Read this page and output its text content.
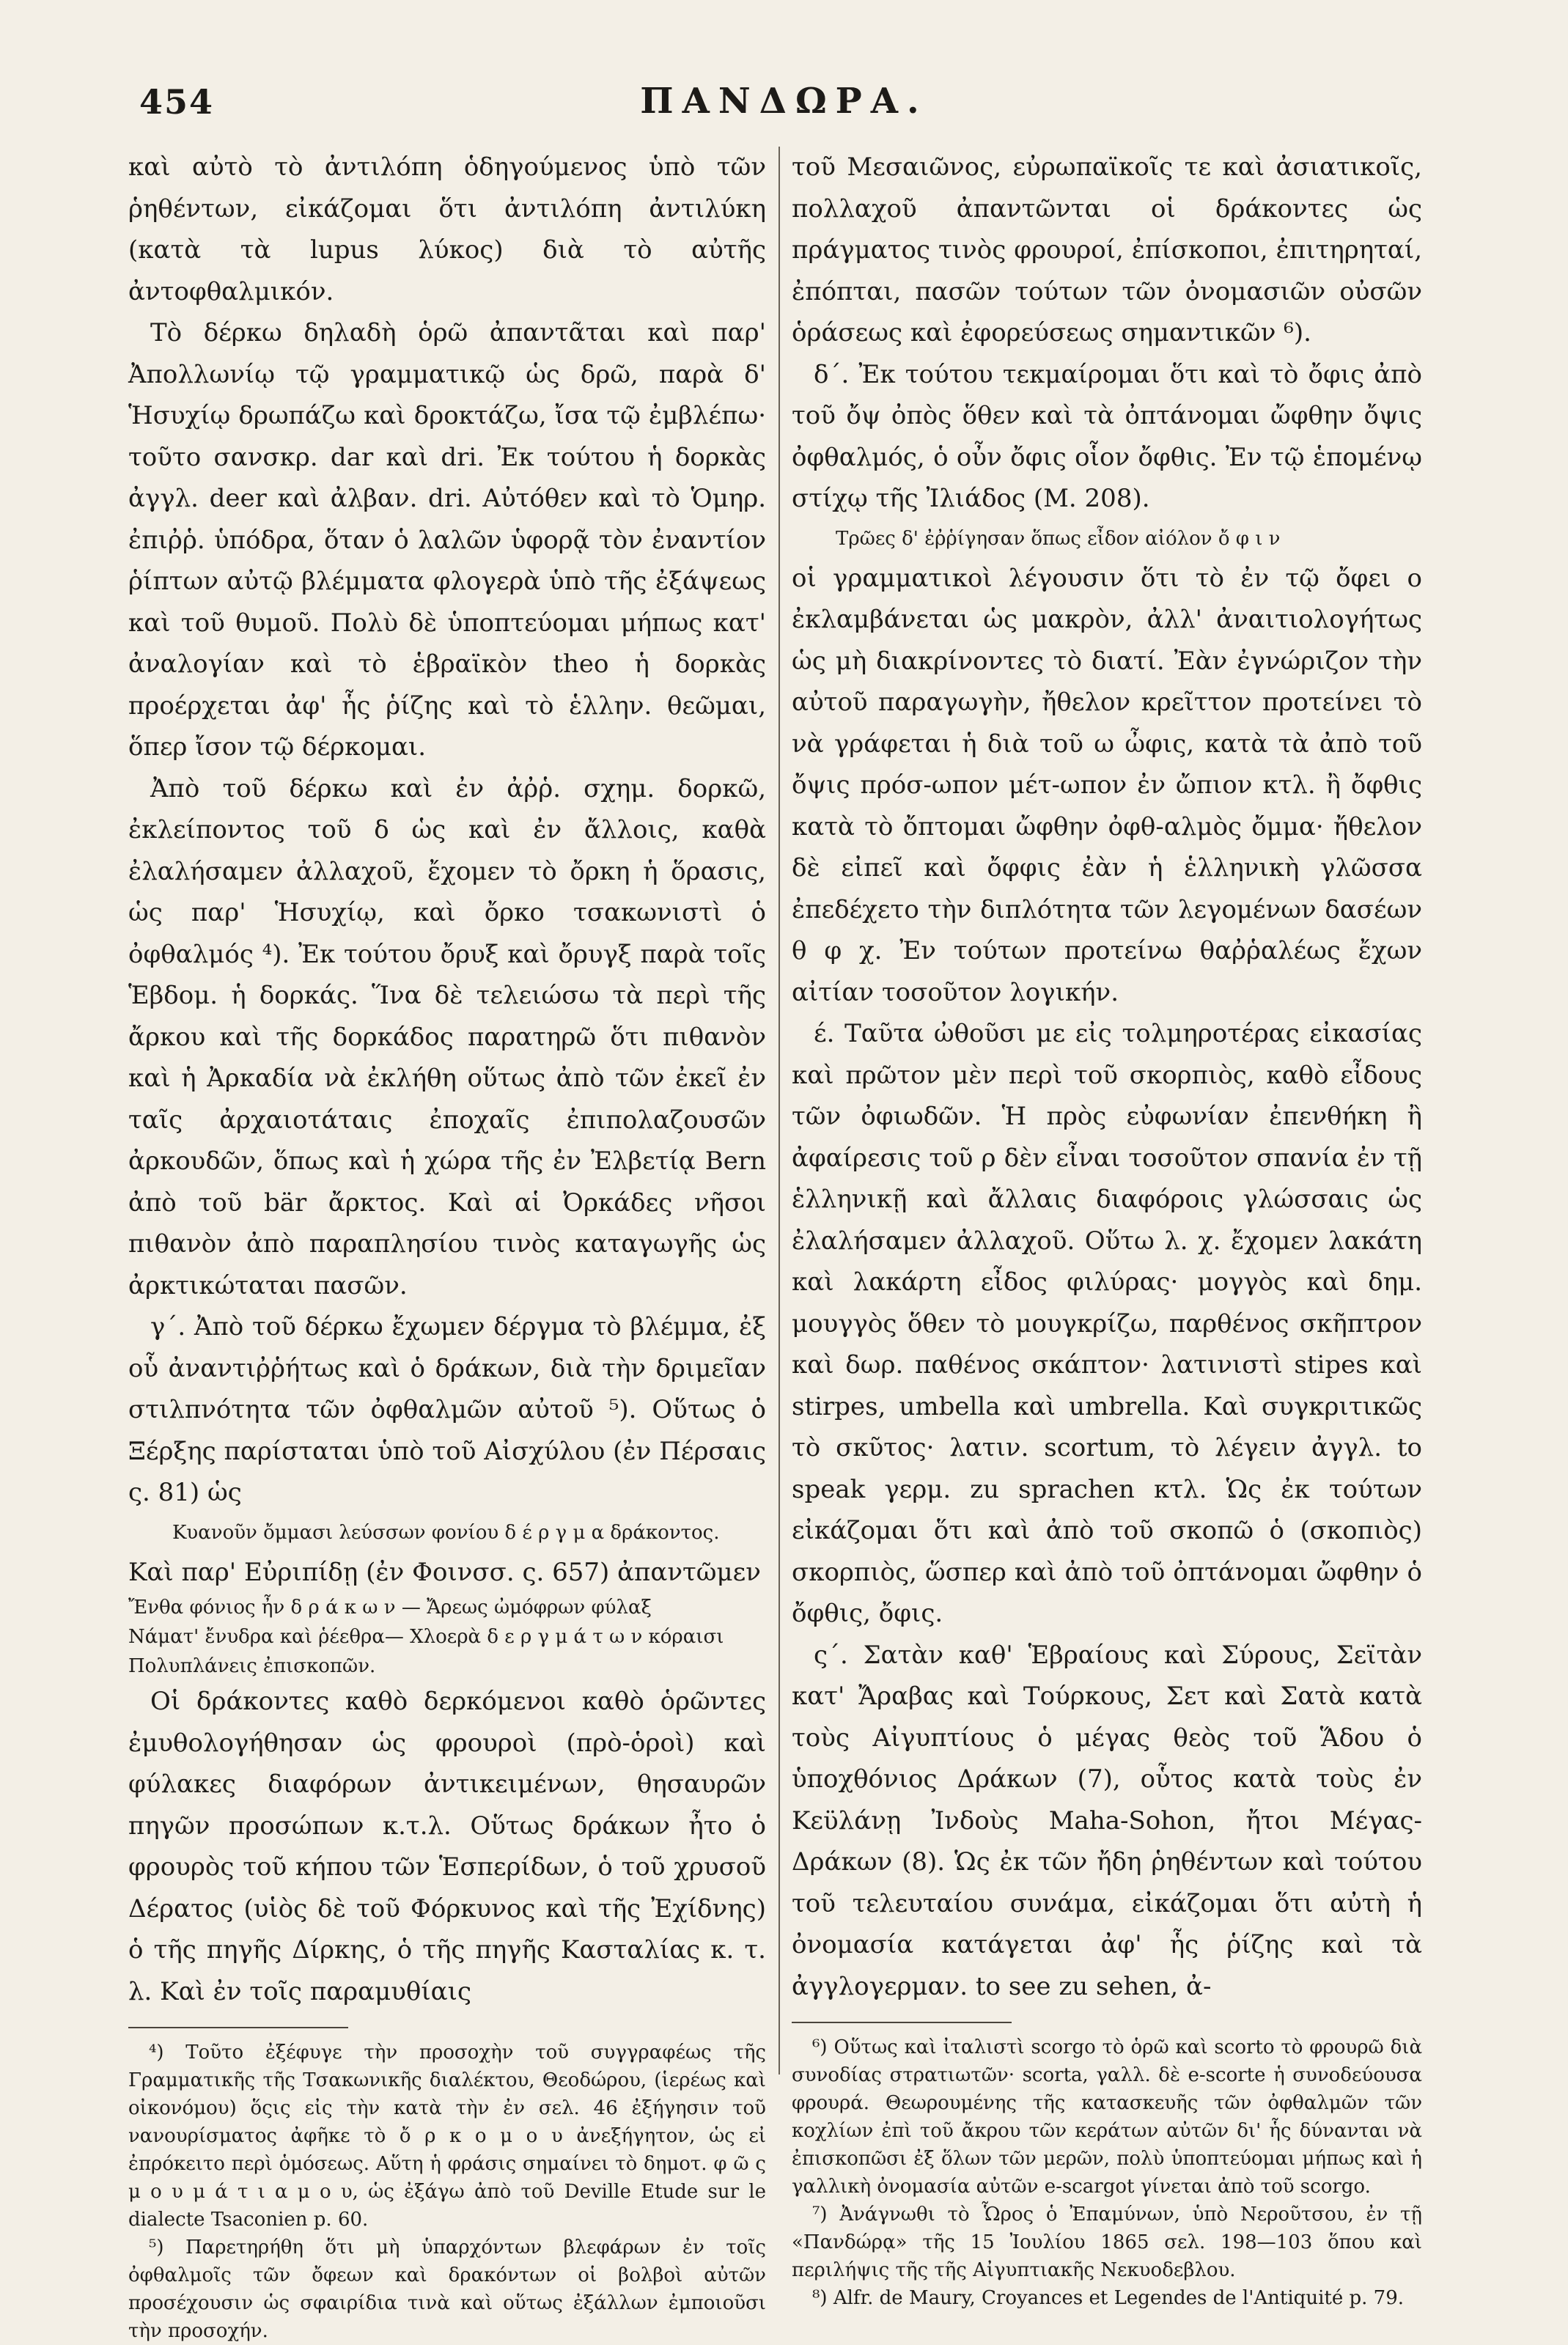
454	ΠΑΝΔΩΡΑ.

καὶ αὐτὸ τὸ ἀντιλόπη ὁδηγούμενος ὑπὸ τῶν ῥηθέντων, εἰκάζομαι ὅτι ἀντιλόπη ἀντιλύκη (κατὰ τὰ lupus λύκος) διὰ τὸ αὐτῆς ἀντοφθαλμικόν.

Τὸ δέρκω δηλαδὴ ὁρῶ ἀπαντᾶται καὶ παρ' Ἀπολλωνίῳ τῷ γραμματικῷ ὡς δρῶ, παρὰ δ' Ἡσυχίῳ δρωπάζω καὶ δροκτάζω, ἴσα τῷ ἐμβλέπω· τοῦτο σανσκρ. dar καὶ dri. Ἐκ τούτου ἡ δορκὰς ἀγγλ. deer καὶ ἀλβαν. dri. Αὐτόθεν καὶ τὸ Ὁμηρ. ἐπιῤῥ. ὑπόδρα, ὅταν ὁ λαλῶν ὑφορᾷ τὸν ἐναντίον ῥίπτων αὐτῷ βλέμματα φλογερὰ ὑπὸ τῆς ἐξάψεως καὶ τοῦ θυμοῦ. Πολὺ δὲ ὑποπτεύομαι μήπως κατ' ἀναλογίαν καὶ τὸ ἑβραϊκὸν theo ἡ δορκὰς προέρχεται ἀφ' ἧς ῥίζης καὶ τὸ ἑλλην. θεῶμαι, ὅπερ ἴσον τῷ δέρκομαι.

Ἀπὸ τοῦ δέρκω καὶ ἐν ἀῤῥ. σχημ. δορκῶ, ἐκλείποντος τοῦ δ ὡς καὶ ἐν ἄλλοις, καθὰ ἐλαλήσαμεν ἀλλαχοῦ, ἔχομεν τὸ ὄρκη ἡ ὅρασις, ὡς παρ' Ἡσυχίῳ, καὶ ὄρκο τσακωνιστὶ ὁ ὀφθαλμός ⁴). Ἐκ τούτου ὄρυξ καὶ ὄρυγξ παρὰ τοῖς Ἑβδομ. ἡ δορκάς. Ἵνα δὲ τελειώσω τὰ περὶ τῆς ἄρκου καὶ τῆς δορκάδος παρατηρῶ ὅτι πιθανὸν καὶ ἡ Ἀρκαδία νὰ ἐκλήθη οὕτως ἀπὸ τῶν ἐκεῖ ἐν ταῖς ἀρχαιοτάταις ἐποχαῖς ἐπιπολαζουσῶν ἀρκουδῶν, ὅπως καὶ ἡ χώρα τῆς ἐν Ἐλβετίᾳ Bern ἀπὸ τοῦ bär ἄρκτος. Καὶ αἱ Ὀρκάδες νῆσοι πιθανὸν ἀπὸ παραπλησίου τινὸς καταγωγῆς ὡς ἀρκτικώταται πασῶν.

γ΄. Ἀπὸ τοῦ δέρκω ἔχωμεν δέργμα τὸ βλέμμα, ἐξ οὗ ἀναντιῤῥήτως καὶ ὁ δράκων, διὰ τὴν δριμεῖαν στιλπνότητα τῶν ὀφθαλμῶν αὐτοῦ ⁵). Οὕτως ὁ Ξέρξης παρίσταται ὑπὸ τοῦ Αἰσχύλου (ἐν Πέρσαις ς. 81) ὡς

Κυανοῦν ὄμμασι λεύσσων φονίου δ έ ρ γ μ α δράκοντος.

Καὶ παρ' Εὐριπίδῃ (ἐν Φοινσσ. ς. 657) ἀπαντῶμεν

Ἔνθα φόνιος ἦν δ ρ ά κ ω ν — Ἄρεως ὠμόφρων φύλαξ

Νάματ' ἔνυδρα καὶ ῥέεθρα— Χλοερὰ δ ε ρ γ μ ά τ ω ν κόραισι

Πολυπλάνεις ἐπισκοπῶν.

Οἱ δράκοντες καθὸ δερκόμενοι καθὸ ὁρῶντες ἐμυθολογήθησαν ὡς φρουροὶ (πρὸ-ὁροὶ) καὶ φύλακες διαφόρων ἀντικειμένων, θησαυρῶν πηγῶν προσώπων κ.τ.λ. Οὕτως δράκων ἦτο ὁ φρουρὸς τοῦ κήπου τῶν Ἑσπερίδων, ὁ τοῦ χρυσοῦ Δέρατος (υἱὸς δὲ τοῦ Φόρκυνος καὶ τῆς Ἐχίδνης) ὁ τῆς πηγῆς Δίρκης, ὁ τῆς πηγῆς Κασταλίας κ. τ. λ. Καὶ ἐν τοῖς παραμυθίαις

⁴) Τοῦτο ἐξέφυγε τὴν προσοχὴν τοῦ συγγραφέως τῆς Γραμματικῆς τῆς Τσακωνικῆς διαλέκτου, Θεοδώρου, (ἱερέως καὶ οἰκονόμου) ὅςις εἰς τὴν κατὰ τὴν ἐν σελ. 46 ἐξήγησιν τοῦ νανουρίσματος ἀφῆκε τὸ ὄ ρ κ ο μ ο υ ἀνεξήγητον, ὡς εἰ ἐπρόκειτο περὶ ὁμόσεως. Αὕτη ἡ φράσις σημαίνει τὸ δημοτ. φ ῶ ς μ ο υ μ ά τ ι α μ ο υ, ὡς ἐξάγω ἀπὸ τοῦ Deville Etude sur le dialecte Tsaconien p. 60.

⁵) Παρετηρήθη ὅτι μὴ ὑπαρχόντων βλεφάρων ἐν τοῖς ὀφθαλμοῖς τῶν ὄφεων καὶ δρακόντων οἱ βολβοὶ αὐτῶν προσέχουσιν ὡς σφαιρίδια τινὰ καὶ οὕτως ἐξάλλων ἐμποιοῦσι τὴν προσοχήν.

τοῦ Μεσαιῶνος, εὐρωπαϊκοῖς τε καὶ ἀσιατικοῖς, πολλαχοῦ ἀπαντῶνται οἱ δράκοντες ὡς πράγματος τινὸς φρουροί, ἐπίσκοποι, ἐπιτηρηταί, ἐπόπται, πασῶν τούτων τῶν ὀνομασιῶν οὐσῶν ὁράσεως καὶ ἐφορεύσεως σημαντικῶν ⁶).

δ΄. Ἐκ τούτου τεκμαίρομαι ὅτι καὶ τὸ ὄφις ἀπὸ τοῦ ὄψ ὀπὸς ὅθεν καὶ τὰ ὀπτάνομαι ὤφθην ὄψις ὀφθαλμός, ὁ οὖν ὄφις οἷον ὄφθις. Ἐν τῷ ἑπομένῳ στίχῳ τῆς Ἰλιάδος (Μ. 208).

Τρῶες δ' ἐῤῥίγησαν ὅπως εἶδον αἰόλον ὄ φ ι ν

οἱ γραμματικοὶ λέγουσιν ὅτι τὸ ἐν τῷ ὄφει ο ἐκλαμβάνεται ὡς μακρὸν, ἀλλ' ἀναιτιολογήτως ὡς μὴ διακρίνοντες τὸ διατί. Ἐὰν ἐγνώριζον τὴν αὐτοῦ παραγωγὴν, ἤθελον κρεῖττον προτείνει τὸ νὰ γράφεται ἡ διὰ τοῦ ω ὦφις, κατὰ τὰ ἀπὸ τοῦ ὄψις πρόσ-ωπον μέτ-ωπον ἐν ὤπιον κτλ. ἢ ὄφθις κατὰ τὸ ὄπτομαι ὤφθην ὀφθ-αλμὸς ὄμμα· ἤθελον δὲ εἰπεῖ καὶ ὄφφις ἐὰν ἡ ἑλληνικὴ γλῶσσα ἐπεδέχετο τὴν διπλότητα τῶν λεγομένων δασέων θ φ χ. Ἐν τούτων προτείνω θαῤῥαλέως ἔχων αἰτίαν τοσοῦτον λογικήν.

έ. Ταῦτα ὠθοῦσι με εἰς τολμηροτέρας εἰκασίας καὶ πρῶτον μὲν περὶ τοῦ σκορπιὸς, καθὸ εἶδους τῶν ὀφιωδῶν. Ἡ πρὸς εὐφωνίαν ἐπενθήκη ἢ ἀφαίρεσις τοῦ ρ δὲν εἶναι τοσοῦτον σπανία ἐν τῇ ἑλληνικῇ καὶ ἄλλαις διαφόροις γλώσσαις ὡς ἐλαλήσαμεν ἀλλαχοῦ. Οὕτω λ. χ. ἔχομεν λακάτη καὶ λακάρτη εἶδος φιλύρας· μογγὸς καὶ δημ. μουγγὸς ὅθεν τὸ μουγκρίζω, παρθένος σκῆπτρον καὶ δωρ. παθένος σκάπτον· λατινιστὶ stipes καὶ stirpes, umbella καὶ umbrella. Καὶ συγκριτικῶς τὸ σκῦτος· λατιν. scortum, τὸ λέγειν ἀγγλ. to speak γερμ. zu sprachen κτλ. Ὡς ἐκ τούτων εἰκάζομαι ὅτι καὶ ἀπὸ τοῦ σκοπῶ ὁ (σκοπιὸς) σκορπιὸς, ὥσπερ καὶ ἀπὸ τοῦ ὀπτάνομαι ὤφθην ὁ ὄφθις, ὄφις.

ς΄. Σατὰν καθ' Ἑβραίους καὶ Σύρους, Σεϊτὰν κατ' Ἄραβας καὶ Τούρκους, Σετ καὶ Σατὰ κατὰ τοὺς Αἰγυπτίους ὁ μέγας θεὸς τοῦ Ἅδου ὁ ὑποχθόνιος Δράκων (7), οὗτος κατὰ τοὺς ἐν Κεϋλάνῃ Ἰνδοὺς Maha-Sohon, ἤτοι Μέγας-Δράκων (8). Ὡς ἐκ τῶν ἤδη ῥηθέντων καὶ τούτου τοῦ τελευταίου συνάμα, εἰκάζομαι ὅτι αὐτὴ ἡ ὀνομασία κατάγεται ἀφ' ἧς ῥίζης καὶ τὰ ἀγγλογερμαν. to see zu sehen, ἀ-

⁶) Οὕτως καὶ ἰταλιστὶ scorgo τὸ ὁρῶ καὶ scorto τὸ φρουρῶ διὰ συνοδίας στρατιωτῶν· scorta, γαλλ. δὲ e-scorte ἡ συνοδεύουσα φρουρά. Θεωρουμένης τῆς κατασκευῆς τῶν ὀφθαλμῶν τῶν κοχλίων ἐπὶ τοῦ ἄκρου τῶν κεράτων αὐτῶν δι' ἧς δύνανται νὰ ἐπισκοπῶσι ἐξ ὅλων τῶν μερῶν, πολὺ ὑποπτεύομαι μήπως καὶ ἡ γαλλικὴ ὀνομασία αὐτῶν e-scargot γίνεται ἀπὸ τοῦ scorgo.

⁷) Ἀνάγνωθι τὸ Ὧρος ὁ Ἐπαμύνων, ὑπὸ Νεροῦτσου, ἐν τῇ «Πανδώρᾳ» τῆς 15 Ἰουλίου 1865 σελ. 198—103 ὅπου καὶ περιλήψις τῆς τῆς Αἰγυπτιακῆς Νεκυοδεβλου.

⁸) Alfr. de Maury, Croyances et Legendes de l'Antiquité p. 79.
